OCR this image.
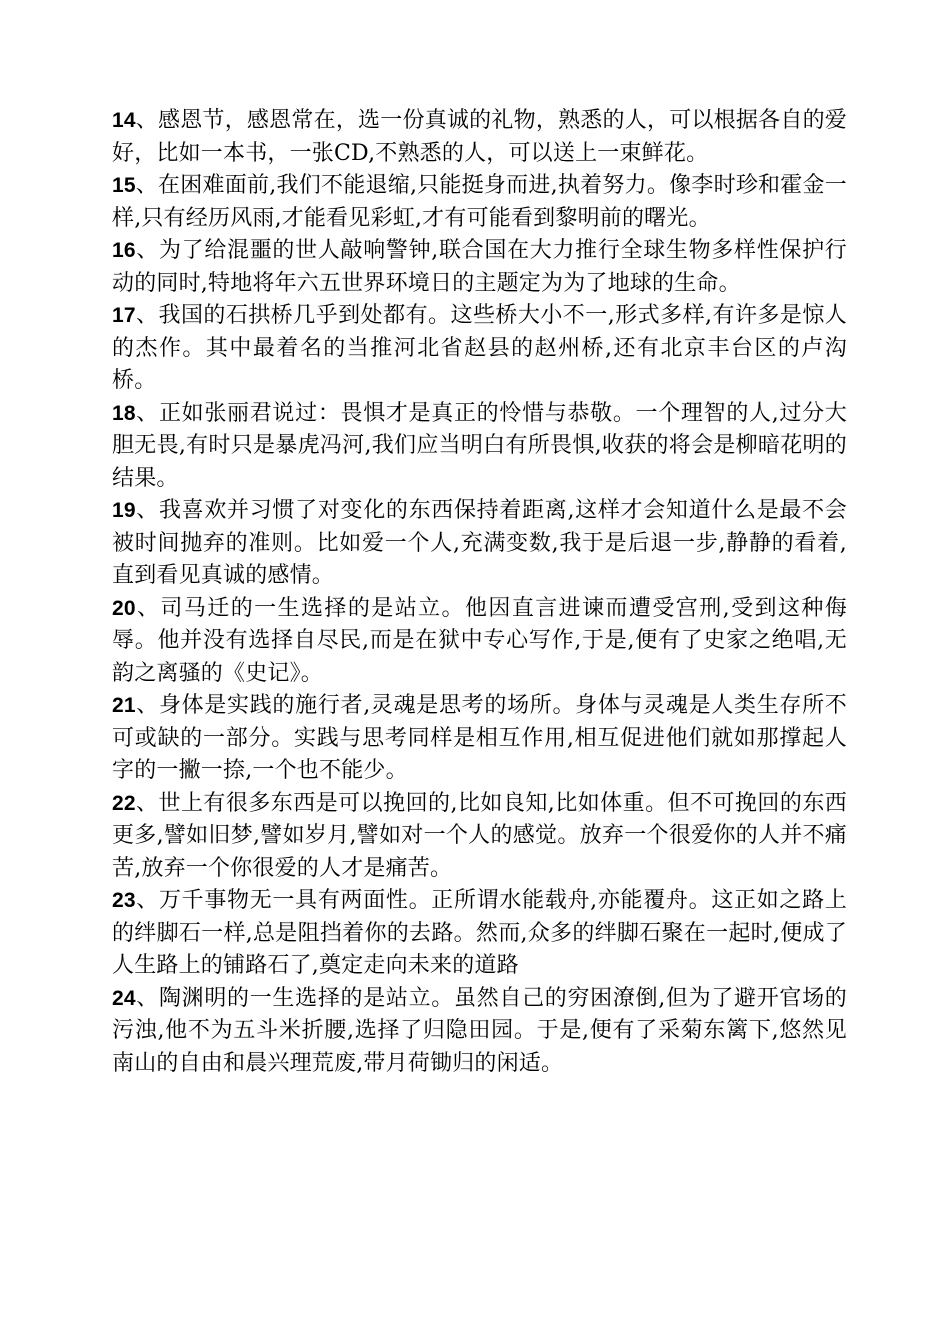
14、感恩节，感恩常在，选一份真诚的礼物，熟悉的人，可以根据各自的爱好，比如一本书，一张CD,不熟悉的人，可以送上一束鲜花。

15、在困难面前,我们不能退缩,只能挺身而进,执着努力。像李时珍和霍金一样,只有经历风雨,才能看见彩虹,才有可能看到黎明前的曙光。

16、为了给混噩的世人敲响警钟,联合国在大力推行全球生物多样性保护行动的同时,特地将年六五世界环境日的主题定为为了地球的生命。

17、我国的石拱桥几乎到处都有。这些桥大小不一,形式多样,有许多是惊人的杰作。其中最着名的当推河北省赵县的赵州桥,还有北京丰台区的卢沟桥。

18、正如张丽君说过：畏惧才是真正的怜惜与恭敬。一个理智的人,过分大胆无畏,有时只是暴虎冯河,我们应当明白有所畏惧,收获的将会是柳暗花明的结果。

19、我喜欢并习惯了对变化的东西保持着距离,这样才会知道什么是最不会被时间抛弃的准则。比如爱一个人,充满变数,我于是后退一步,静静的看着,直到看见真诚的感情。

20、司马迁的一生选择的是站立。他因直言进谏而遭受宫刑,受到这种侮辱。他并没有选择自尽民,而是在狱中专心写作,于是,便有了史家之绝唱,无韵之离骚的《史记》。

21、身体是实践的施行者,灵魂是思考的场所。身体与灵魂是人类生存所不可或缺的一部分。实践与思考同样是相互作用,相互促进他们就如那撑起人字的一撇一捺,一个也不能少。

22、世上有很多东西是可以挽回的,比如良知,比如体重。但不可挽回的东西更多,譬如旧梦,譬如岁月,譬如对一个人的感觉。放弃一个很爱你的人并不痛苦,放弃一个你很爱的人才是痛苦。

23、万千事物无一具有两面性。正所谓水能载舟,亦能覆舟。这正如之路上的绊脚石一样,总是阻挡着你的去路。然而,众多的绊脚石聚在一起时,便成了人生路上的铺路石了,奠定走向未来的道路

24、陶渊明的一生选择的是站立。虽然自己的穷困潦倒,但为了避开官场的污浊,他不为五斗米折腰,选择了归隐田园。于是,便有了采菊东篱下,悠然见南山的自由和晨兴理荒废,带月荷锄归的闲适。
